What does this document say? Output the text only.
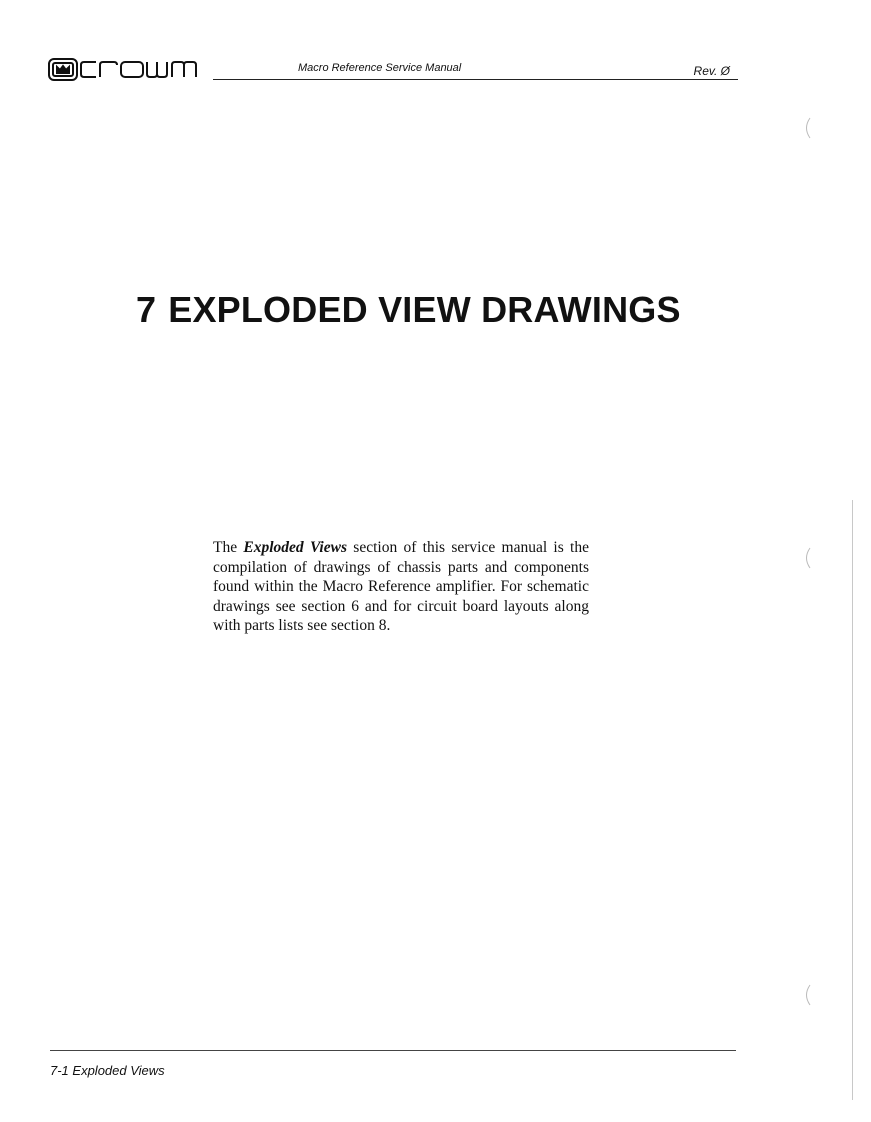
Macro Reference Service Manual	Rev. Ø
7 EXPLODED VIEW DRAWINGS

The Exploded Views section of this service manual is the compilation of drawings of chassis parts and components found within the Macro Reference amplifier. For schematic drawings see section 6 and for circuit board layouts along with parts lists see section 8.

7-1 Exploded Views
